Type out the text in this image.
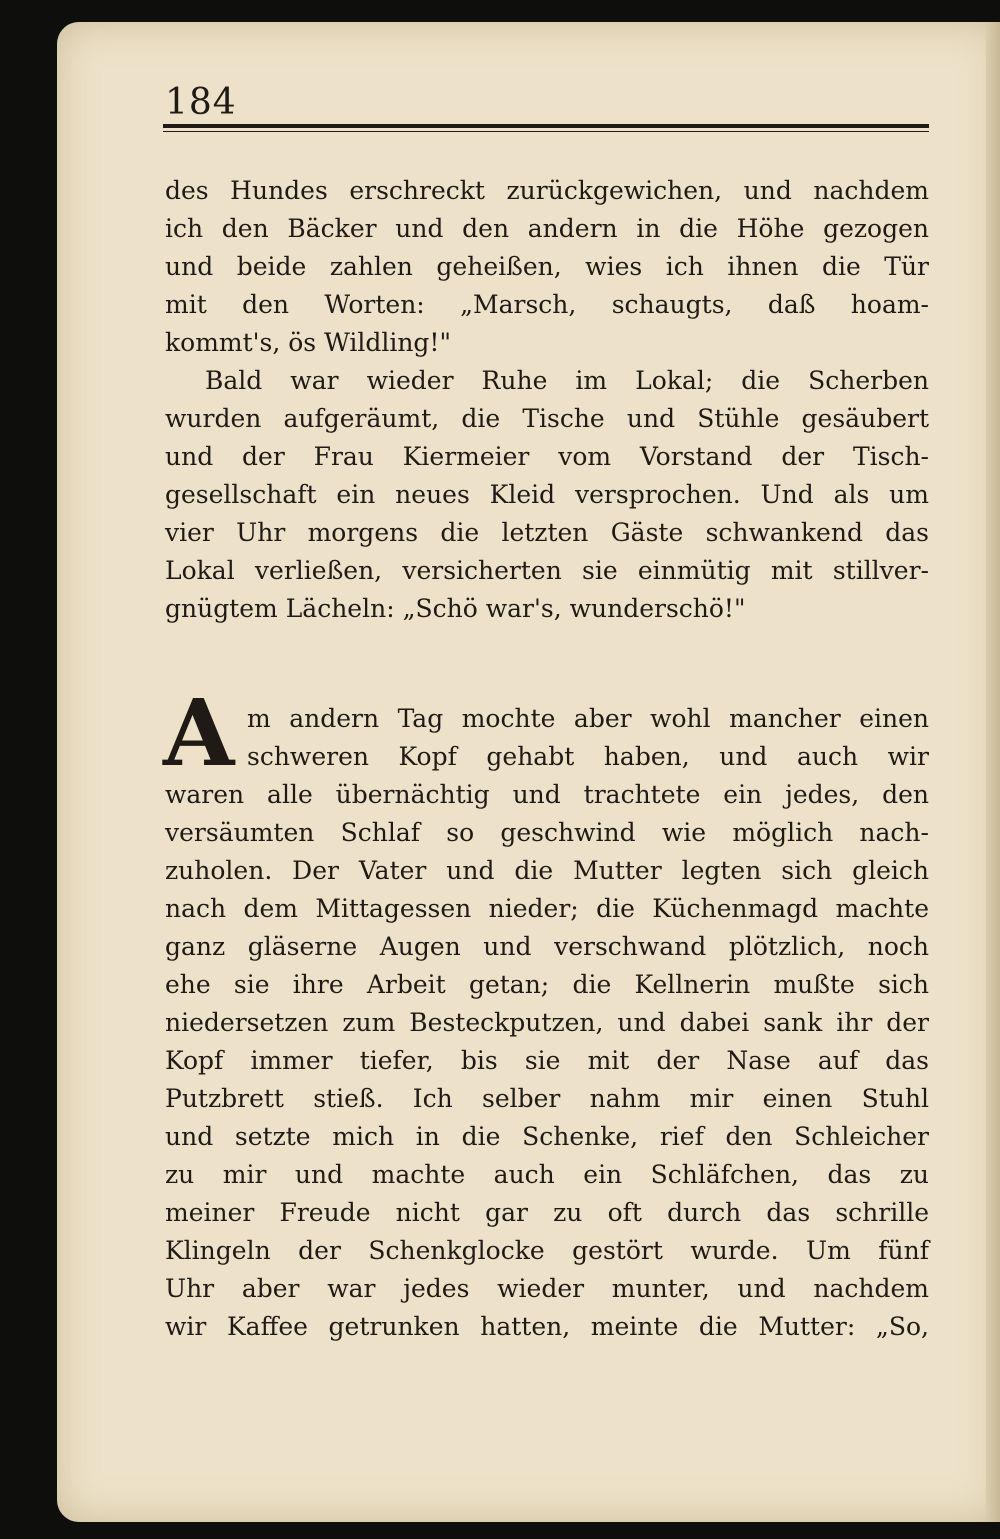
184
des Hundes erschreckt zurückgewichen, und nachdem
ich den Bäcker und den andern in die Höhe gezogen
und beide zahlen geheißen, wies ich ihnen die Tür
mit den Worten: „Marsch, schaugts, daß hoam-
kommt's, ös Wildling!"
Bald war wieder Ruhe im Lokal; die Scherben
wurden aufgeräumt, die Tische und Stühle gesäubert
und der Frau Kiermeier vom Vorstand der Tisch-
gesellschaft ein neues Kleid versprochen. Und als um
vier Uhr morgens die letzten Gäste schwankend das
Lokal verließen, versicherten sie einmütig mit stillver-
gnügtem Lächeln: „Schö war's, wunderschö!"
A m andern Tag mochte aber wohl mancher einen
schweren Kopf gehabt haben, und auch wir
waren alle übernächtig und trachtete ein jedes, den
versäumten Schlaf so geschwind wie möglich nach-
zuholen. Der Vater und die Mutter legten sich gleich
nach dem Mittagessen nieder; die Küchenmagd machte
ganz gläserne Augen und verschwand plötzlich, noch
ehe sie ihre Arbeit getan; die Kellnerin mußte sich
niedersetzen zum Besteckputzen, und dabei sank ihr der
Kopf immer tiefer, bis sie mit der Nase auf das
Putzbrett stieß. Ich selber nahm mir einen Stuhl
und setzte mich in die Schenke, rief den Schleicher
zu mir und machte auch ein Schläfchen, das zu
meiner Freude nicht gar zu oft durch das schrille
Klingeln der Schenkglocke gestört wurde. Um fünf
Uhr aber war jedes wieder munter, und nachdem
wir Kaffee getrunken hatten, meinte die Mutter: „So,
